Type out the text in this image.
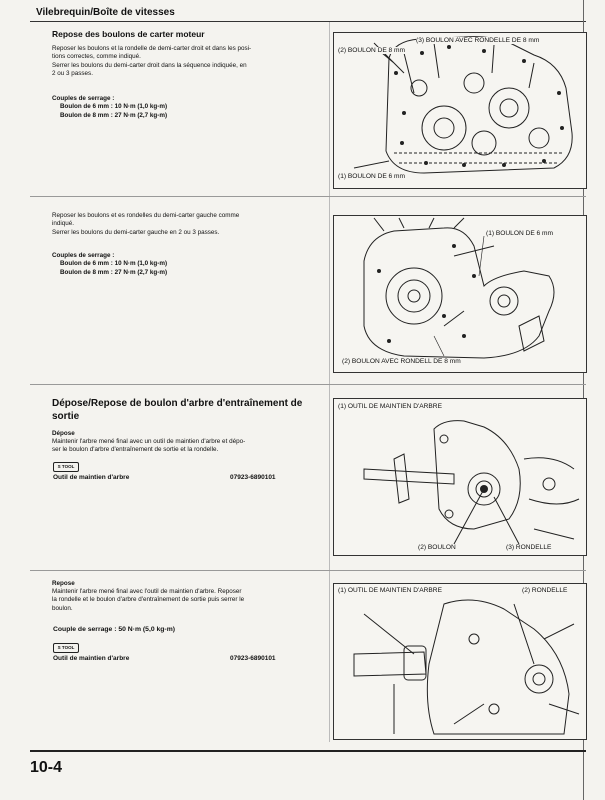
Vilebrequin/Boîte de vitesses
Repose des boulons de carter moteur
Reposer les boulons et la rondelle de demi-carter droit et dans les posi-
tions correctes, comme indiqué.
Serrer les boulons du demi-carter droit dans la séquence indiquée, en
2 ou 3 passes.
Couples de serrage :
Boulon de 6 mm : 10 N·m (1,0 kg-m)
Boulon de 8 mm : 27 N·m (2,7 kg-m)
(3) BOULON AVEC RONDELLE DE 8 mm
(2) BOULON DE 8 mm
(1) BOULON DE 6 mm
Reposer les boulons et es rondelles du demi-carter gauche comme
indiqué.
Serrer les boulons du demi-carter gauche en 2 ou 3 passes.
Couples de serrage :
Boulon de 6 mm : 10 N·m (1,0 kg-m)
Boulon de 8 mm : 27 N·m (2,7 kg-m)
(1) BOULON DE 6 mm
(2) BOULON AVEC RONDELL DE 8 mm
Dépose/Repose de boulon d'arbre d'entraînement de
sortie
Dépose
Maintenir l'arbre mené final avec un outil de maintien d'arbre et dépo-
ser le boulon d'arbre d'entraînement de sortie et la rondelle.
S TOOL
Outil de maintien d'arbre	07923-6890101
(1) OUTIL DE MAINTIEN D'ARBRE
(2) BOULON	(3) RONDELLE
Repose
Maintenir l'arbre mené final avec l'outil de maintien d'arbre. Reposer
la rondelle et le boulon d'arbre d'entraînement de sortie puis serrer le
boulon.
Couple de serrage : 50 N·m (5,0 kg-m)
S TOOL
Outil de maintien d'arbre	07923-6890101
(1) OUTIL DE MAINTIEN D'ARBRE	(2) RONDELLE
10-4
